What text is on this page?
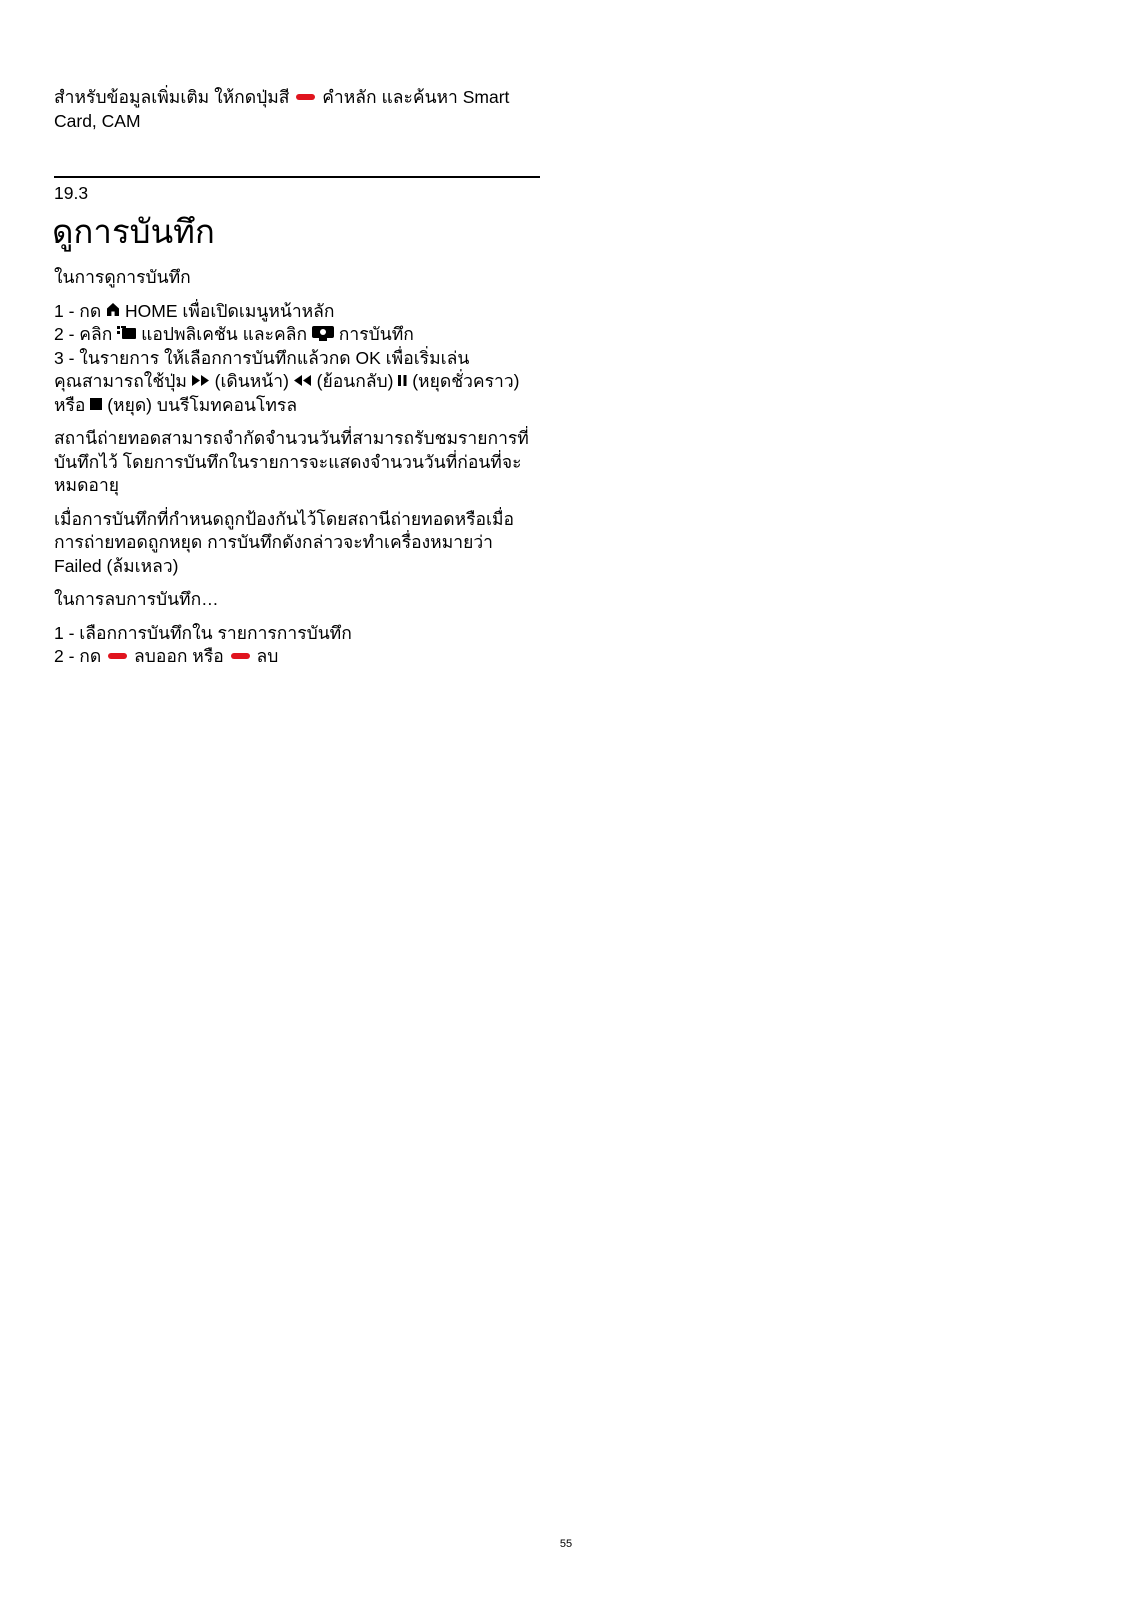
สำหรับข้อมูลเพิ่มเติม ให้กดปุ่มสี คำหลัก และค้นหา Smart

Card, CAM

19.3
ดูการบันทึก

ในการดูการบันทึก

1 - กด HOME เพื่อเปิดเมนูหน้าหลัก

2 - คลิก แอปพลิเคชัน และคลิก การบันทึก

3 - ในรายการ ให้เลือกการบันทึกแล้วกด OK เพื่อเริ่มเล่น

คุณสามารถใช้ปุ่ม (เดินหน้า) (ย้อนกลับ) (หยุดชั่วคราว)

หรือ (หยุด) บนรีโมทคอนโทรล

สถานีถ่ายทอดสามารถจำกัดจำนวนวันที่สามารถรับชมรายการที่

บันทึกไว้ โดยการบันทึกในรายการจะแสดงจำนวนวันที่ก่อนที่จะ

หมดอายุ

เมื่อการบันทึกที่กำหนดถูกป้องกันไว้โดยสถานีถ่ายทอดหรือเมื่อ

การถ่ายทอดถูกหยุด การบันทึกดังกล่าวจะทำเครื่องหมายว่า

Failed (ล้มเหลว)

ในการลบการบันทึก…

1 - เลือกการบันทึกใน รายการการบันทึก

2 - กด ลบออก หรือ ลบ

55
